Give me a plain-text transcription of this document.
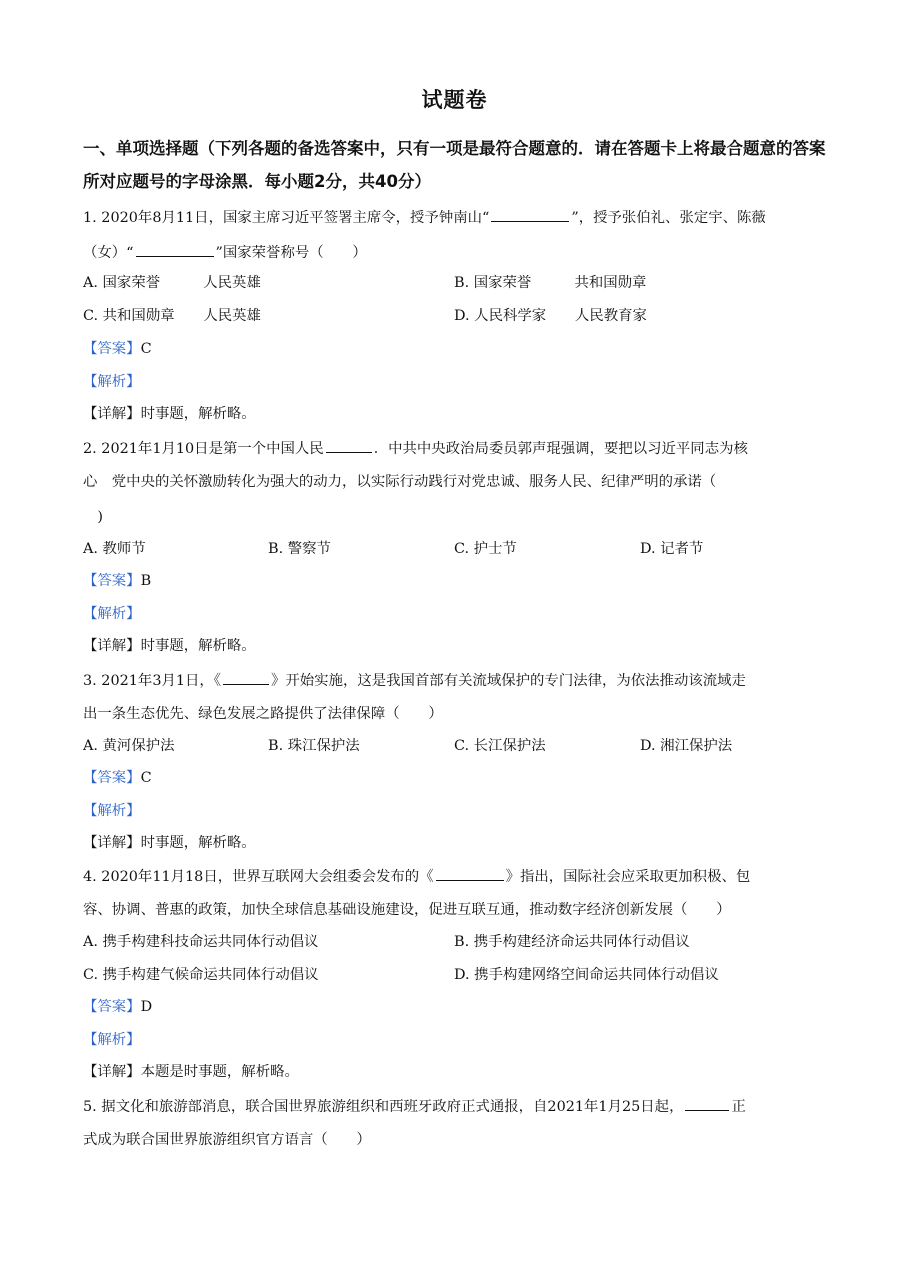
试题卷
一、单项选择题（下列各题的备选答案中，只有一项是最符合题意的．请在答题卡上将最合题意的答案所对应题号的字母涂黑．每小题2分，共40分）
1. 2020年8月11日，国家主席习近平签署主席令，授予钟南山“	”，授予张伯礼、张定宇、陈薇
（女）“	”国家荣誉称号（　　）
A. 国家荣誉　　　人民英雄	B. 国家荣誉　　　共和国勋章
C. 共和国勋章　　人民英雄	D. 人民科学家　　人民教育家
【答案】C
【解析】
【详解】时事题，解析略。
2. 2021年1月10日是第一个中国人民	．中共中央政治局委员郭声琨强调，要把以习近平同志为核
心　党中央的关怀激励转化为强大的动力，以实际行动践行对党忠诚、服务人民、纪律严明的承诺（
　)
A. 教师节	B. 警察节	C. 护士节	D. 记者节
【答案】B
【解析】
【详解】时事题，解析略。
3. 2021年3月1日，《	》开始实施，这是我国首部有关流域保护的专门法律，为依法推动该流域走
出一条生态优先、绿色发展之路提供了法律保障（　　）
A. 黄河保护法	B. 珠江保护法	C. 长江保护法	D. 湘江保护法
【答案】C
【解析】
【详解】时事题，解析略。
4. 2020年11月18日，世界互联网大会组委会发布的《	》指出，国际社会应采取更加积极、包
容、协调、普惠的政策，加快全球信息基础设施建设，促进互联互通，推动数字经济创新发展（　　）
A. 携手构建科技命运共同体行动倡议	B. 携手构建经济命运共同体行动倡议
C. 携手构建气候命运共同体行动倡议	D. 携手构建网络空间命运共同体行动倡议
【答案】D
【解析】
【详解】本题是时事题，解析略。
5. 据文化和旅游部消息，联合国世界旅游组织和西班牙政府正式通报，自2021年1月25日起，	正
式成为联合国世界旅游组织官方语言（　　）
